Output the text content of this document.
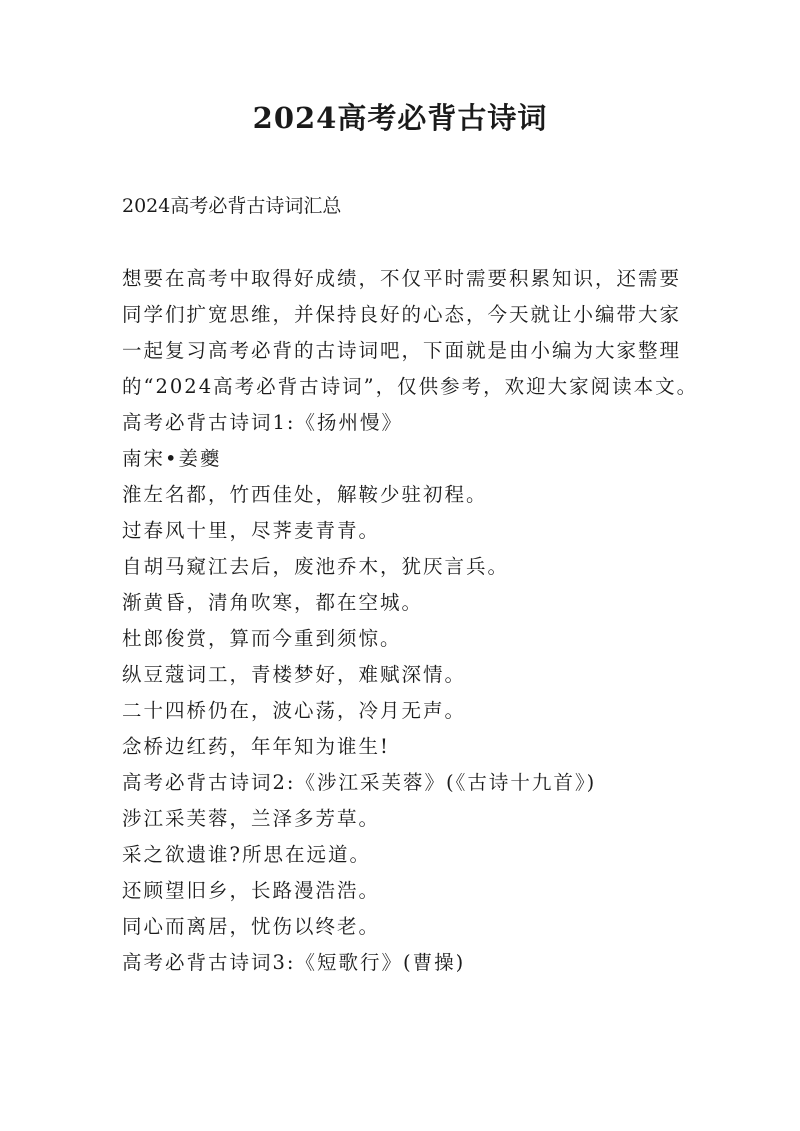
2024高考必背古诗词

2024高考必背古诗词汇总

想要在高考中取得好成绩，不仅平时需要积累知识，还需要
同学们扩宽思维，并保持良好的心态，今天就让小编带大家
一起复习高考必背的古诗词吧，下面就是由小编为大家整理
的“2024高考必背古诗词”，仅供参考，欢迎大家阅读本文。
高考必背古诗词1:《扬州慢》
南宋•姜夔
淮左名都，竹西佳处，解鞍少驻初程。
过春风十里，尽荠麦青青。
自胡马窥江去后，废池乔木，犹厌言兵。
渐黄昏，清角吹寒，都在空城。
杜郎俊赏，算而今重到须惊。
纵豆蔻词工，青楼梦好，难赋深情。
二十四桥仍在，波心荡，冷月无声。
念桥边红药，年年知为谁生!
高考必背古诗词2:《涉江采芙蓉》(《古诗十九首》)
涉江采芙蓉，兰泽多芳草。
采之欲遗谁?所思在远道。
还顾望旧乡，长路漫浩浩。
同心而离居，忧伤以终老。
高考必背古诗词3:《短歌行》(曹操)
